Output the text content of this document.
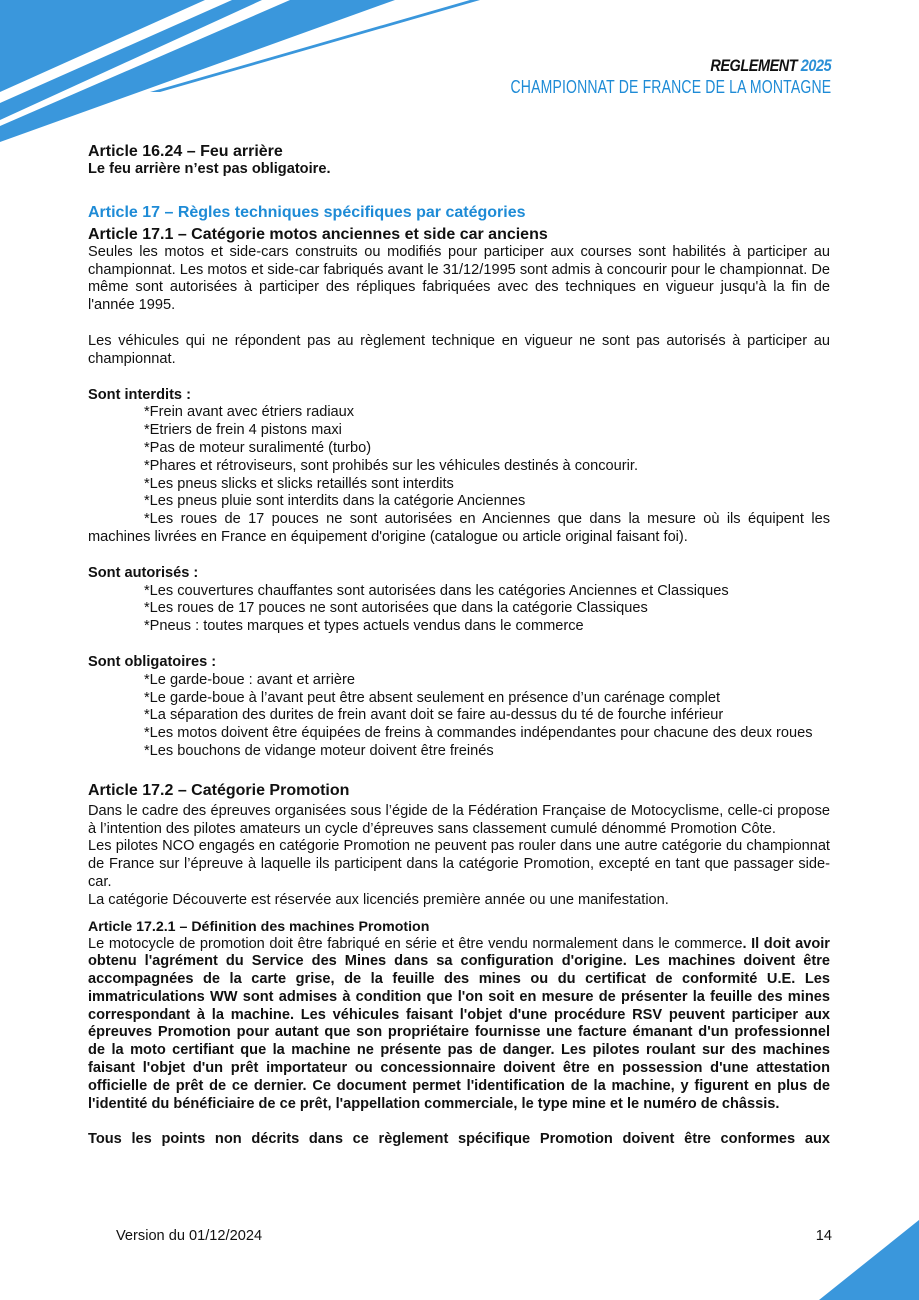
REGLEMENT 2025
CHAMPIONNAT DE FRANCE DE LA MONTAGNE

Article 16.24 – Feu arrière

Le feu arrière n’est pas obligatoire.

Article 17 – Règles techniques spécifiques par catégories

Article 17.1 – Catégorie motos anciennes et side car anciens

Seules les motos et side-cars construits ou modifiés pour participer aux courses sont habilités à participer au championnat. Les motos et side-car fabriqués avant le 31/12/1995 sont admis à concourir pour le championnat. De même sont autorisées à participer des répliques fabriquées avec des techniques en vigueur jusqu'à la fin de l'année 1995.

Les véhicules qui ne répondent pas au règlement technique en vigueur ne sont pas autorisés à participer au championnat.

Sont interdits :

*Frein avant avec étriers radiaux

*Etriers de frein 4 pistons maxi

*Pas de moteur suralimenté (turbo)

*Phares et rétroviseurs, sont prohibés sur les véhicules destinés à concourir.

*Les pneus slicks et slicks retaillés sont interdits

*Les pneus pluie sont interdits dans la catégorie Anciennes

*Les roues de 17 pouces ne sont autorisées en Anciennes que dans la mesure où ils équipent les machines livrées en France en équipement d'origine (catalogue ou article original faisant foi).

Sont autorisés :

*Les couvertures chauffantes sont autorisées dans les catégories Anciennes et Classiques

*Les roues de 17 pouces ne sont autorisées que dans la catégorie Classiques

*Pneus : toutes marques et types actuels vendus dans le commerce

Sont obligatoires :

*Le garde-boue : avant et arrière

*Le garde-boue à l’avant peut être absent seulement en présence d’un carénage complet

*La séparation des durites de frein avant doit se faire au-dessus du té de fourche inférieur

*Les motos doivent être équipées de freins à commandes indépendantes pour chacune des deux roues

*Les bouchons de vidange moteur doivent être freinés

Article 17.2 – Catégorie Promotion

Dans le cadre des épreuves organisées sous l’égide de la Fédération Française de Motocyclisme, celle-ci propose à l’intention des pilotes amateurs un cycle d’épreuves sans classement cumulé dénommé Promotion Côte.

Les pilotes NCO engagés en catégorie Promotion ne peuvent pas rouler dans une autre catégorie du championnat de France sur l’épreuve à laquelle ils participent dans la catégorie Promotion, excepté en tant que passager side-car.

La catégorie Découverte est réservée aux licenciés première année ou une manifestation.

Article 17.2.1 – Définition des machines Promotion

Le motocycle de promotion doit être fabriqué en série et être vendu normalement dans le commerce. Il doit avoir obtenu l'agrément du Service des Mines dans sa configuration d'origine. Les machines doivent être accompagnées de la carte grise, de la feuille des mines ou du certificat de conformité U.E. Les immatriculations WW sont admises à condition que l'on soit en mesure de présenter la feuille des mines correspondant à la machine. Les véhicules faisant l'objet d'une procédure RSV peuvent participer aux épreuves Promotion pour autant que son propriétaire fournisse une facture émanant d'un professionnel de la moto certifiant que la machine ne présente pas de danger. Les pilotes roulant sur des machines faisant l'objet d'un prêt importateur ou concessionnaire doivent être en possession d'une attestation officielle de prêt de ce dernier. Ce document permet l'identification de la machine, y figurent en plus de l'identité du bénéficiaire de ce prêt, l'appellation commerciale, le type mine et le numéro de châssis.

Tous les points non décrits dans ce règlement spécifique Promotion doivent être conformes aux

Version du 01/12/2024	14
